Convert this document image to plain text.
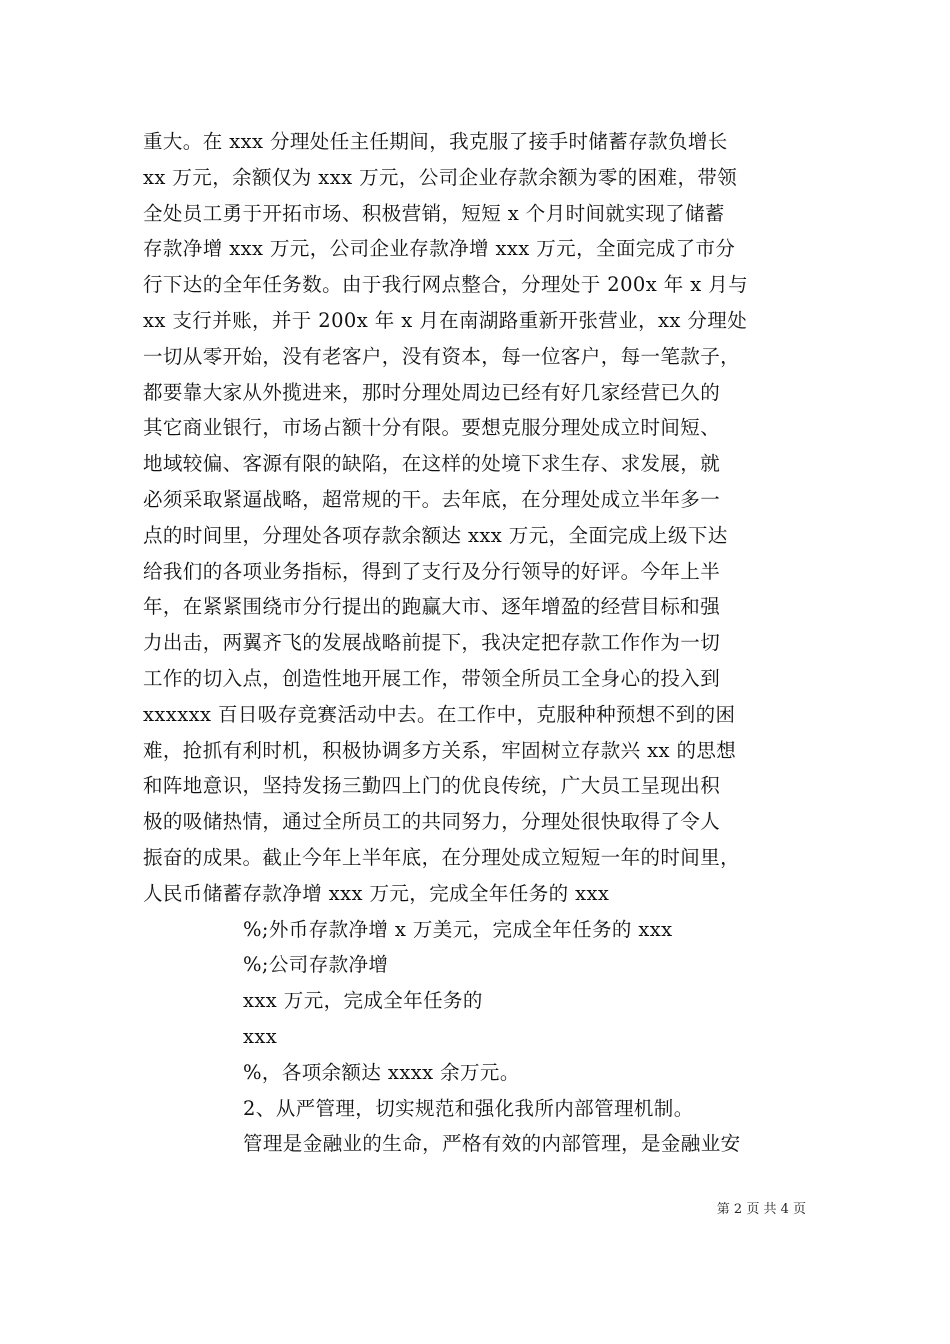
重大。在 xxx 分理处任主任期间，我克服了接手时储蓄存款负增长
xx 万元，余额仅为 xxx 万元，公司企业存款余额为零的困难，带领
全处员工勇于开拓市场、积极营销，短短 x 个月时间就实现了储蓄
存款净增 xxx 万元，公司企业存款净增 xxx 万元，全面完成了市分
行下达的全年任务数。由于我行网点整合，分理处于 200x 年 x 月与
xx 支行并账，并于 200x 年 x 月在南湖路重新开张营业，xx 分理处
一切从零开始，没有老客户，没有资本，每一位客户，每一笔款子，
都要靠大家从外揽进来，那时分理处周边已经有好几家经营已久的
其它商业银行，市场占额十分有限。要想克服分理处成立时间短、
地域较偏、客源有限的缺陷，在这样的处境下求生存、求发展，就
必须采取紧逼战略，超常规的干。去年底，在分理处成立半年多一
点的时间里，分理处各项存款余额达 xxx 万元，全面完成上级下达
给我们的各项业务指标，得到了支行及分行领导的好评。今年上半
年，在紧紧围绕市分行提出的跑赢大市、逐年增盈的经营目标和强
力出击，两翼齐飞的发展战略前提下，我决定把存款工作作为一切
工作的切入点，创造性地开展工作，带领全所员工全身心的投入到
xxxxxx 百日吸存竞赛活动中去。在工作中，克服种种预想不到的困
难，抢抓有利时机，积极协调多方关系，牢固树立存款兴 xx 的思想
和阵地意识，坚持发扬三勤四上门的优良传统，广大员工呈现出积
极的吸储热情，通过全所员工的共同努力，分理处很快取得了令人
振奋的成果。截止今年上半年底，在分理处成立短短一年的时间里，
人民币储蓄存款净增 xxx 万元，完成全年任务的 xxx
%;外币存款净增 x 万美元，完成全年任务的 xxx
%;公司存款净增
xxx 万元，完成全年任务的
xxx
%，各项余额达 xxxx 余万元。
2、从严管理，切实规范和强化我所内部管理机制。
管理是金融业的生命，严格有效的内部管理，是金融业安
第 2 页 共 4 页
